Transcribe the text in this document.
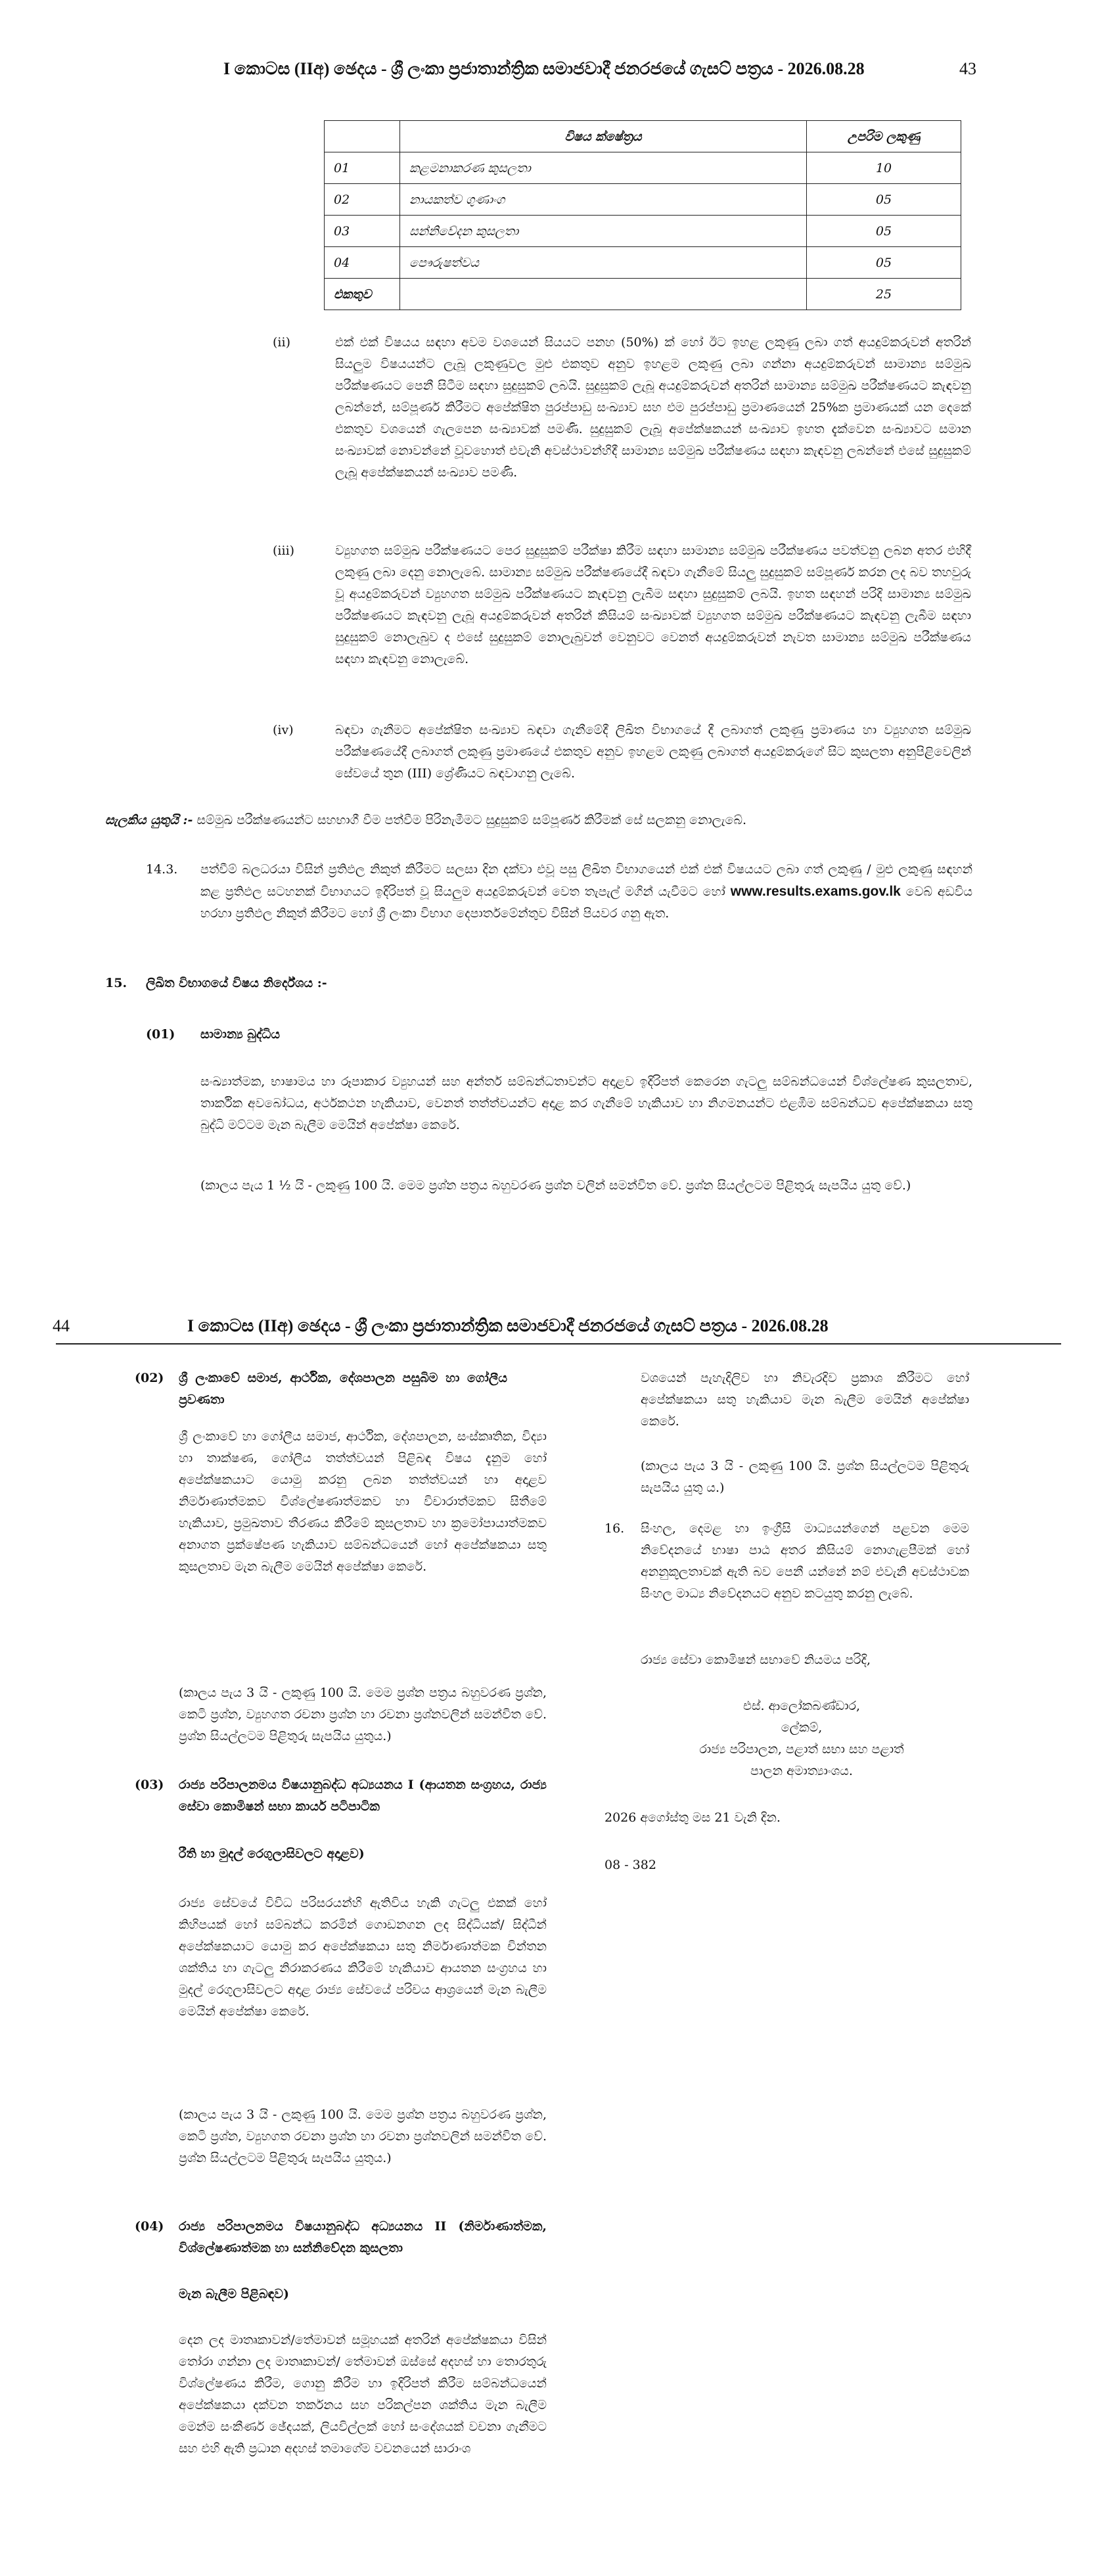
I කොටස (IIඅ) ඡෙදය - ශ්‍රී ලංකා ප්‍රජාතාන්ත්‍රික සමාජවාදී ජනරජයේ ගැසට් පත්‍රය - 2026.08.28	43
	විෂය ක්ෂේත්‍රය	උපරිම ලකුණු
01	කළමනාකරණ කුසලතා	10
02	නායකත්ව ගුණාංග	05
03	සන්නිවේදන කුසලතා	05
04	පෞරුෂත්වය	05
එකතුව		25
(ii)	එක් එක් විෂයය සඳහා අවම වශයෙන් සියයට පනහ (50%) ක් හෝ ඊට ඉහළ ලකුණු ලබා ගත් අයදුම්කරුවන් අතරින් සියලුම විෂයයන්ට ලැබූ ලකුණුවල මුළු එකතුව අනුව ඉහළම ලකුණු ලබා ගන්නා අයදුම්කරුවන් සාමාන්‍ය සම්මුඛ පරීක්ෂණයට පෙනී සිටීම සඳහා සුදුසුකම් ලබයි. සුදුසුකම් ලැබූ අයදුම්කරුවන් අතරින් සාමාන්‍ය සම්මුඛ පරීක්ෂණයට කැඳවනු ලබන්නේ, සම්පූර්ණ කිරීමට අපේක්ෂිත පුරප්පාඩු සංඛ්‍යාව සහ එම පුරප්පාඩු ප්‍රමාණයෙන් 25%ක ප්‍රමාණයක් යන දෙකේ එකතුව වශයෙන් ගැලපෙන සංඛ්‍යාවක් පමණි. සුදුසුකම් ලැබූ අපේක්ෂකයන් සංඛ්‍යාව ඉහත දැක්වෙන සංඛ්‍යාවට සමාන සංඛ්‍යාවක් නොවන්නේ වූවහොත් එවැනි අවස්ථාවන්හිදී සාමාන්‍ය සම්මුඛ පරීක්ෂණය සඳහා කැඳවනු ලබන්නේ එසේ සුදුසුකම් ලැබූ අපේක්ෂකයන් සංඛ්‍යාව පමණි.
(iii)	ව්‍යුහගත සම්මුඛ පරීක්ෂණයට පෙර සුදුසුකම් පරීක්ෂා කිරීම සඳහා සාමාන්‍ය සම්මුඛ පරීක්ෂණය පවත්වනු ලබන අතර එහිදී ලකුණු ලබා දෙනු නොලැබේ. සාමාන්‍ය සම්මුඛ පරීක්ෂණයේදී බඳවා ගැනීමේ සියලු සුදුසුකම් සම්පූර්ණ කරන ලද බව තහවුරු වූ අයදුම්කරුවන් ව්‍යුහගත සම්මුඛ පරීක්ෂණයට කැඳවනු ලැබීම සඳහා සුදුසුකම් ලබයි. ඉහත සඳහන් පරිදි සාමාන්‍ය සම්මුඛ පරීක්ෂණයට කැඳවනු ලැබූ අයදුම්කරුවන් අතරින් කිසියම් සංඛ්‍යාවක් ව්‍යුහගත සම්මුඛ පරීක්ෂණයට කැඳවනු ලැබීම සඳහා සුදුසුකම් නොලැබුව ද එසේ සුදුසුකම් නොලැබුවන් වෙනුවට වෙනත් අයදුම්කරුවන් නැවත සාමාන්‍ය සම්මුඛ පරීක්ෂණය සඳහා කැඳවනු නොලැබේ.
(iv)	බඳවා ගැනීමට අපේක්ෂිත සංඛ්‍යාව බඳවා ගැනීමේදී ලිඛිත විභාගයේ දී ලබාගත් ලකුණු ප්‍රමාණය හා ව්‍යුහගත සම්මුඛ පරීක්ෂණයේදී ලබාගත් ලකුණු ප්‍රමාණයේ එකතුව අනුව ඉහළම ලකුණු ලබාගත් අයදුම්කරුගේ සිට කුසලතා අනුපිළිවෙලින් සේවයේ තුන (III) ශ්‍රේණියට බඳවාගනු ලැබේ.
සැලකිය යුතුයි :- සම්මුඛ පරීක්ෂණයන්ට සහභාගී වීම පත්වීම පිරිනැමීමට සුදුසුකම් සම්පූර්ණ කිරීමක් සේ සලකනු නොලැබේ.
14.3. පත්වීම් බලධරයා විසින් ප්‍රතිඵල නිකුත් කිරීමට සලසා දින දක්වා එවූ පසු ලිඛිත විභාගයෙන් එක් එක් විෂයයට ලබා ගත් ලකුණු / මුළු ලකුණු සඳහන් කළ ප්‍රතිඵල සටහනක් විභාගයට ඉදිරිපත් වූ සියලුම අයදුම්කරුවන් වෙත තැපැල් මගින් යැවීමට හෝ www.results.exams.gov.lk වෙබ් අඩවිය හරහා ප්‍රතිඵල නිකුත් කිරීමට හෝ ශ්‍රී ලංකා විභාග දෙපාර්තමේන්තුව විසින් පියවර ගනු ඇත.
15. ලිඛිත විභාගයේ විෂය නිර්දේශය :-
(01) සාමාන්‍ය බුද්ධිය
සංඛ්‍යාත්මක, භාෂාමය හා රූපාකාර ව්‍යුහයන් සහ අන්තර් සම්බන්ධතාවන්ට අදාළව ඉදිරිපත් කෙරෙන ගැටලු සම්බන්ධයෙන් විශ්ලේෂණ කුසලතාව, තාර්කික අවබෝධය, අර්ථකථන හැකියාව, වෙනත් තත්ත්වයන්ට අදාළ කර ගැනීමේ හැකියාව හා නිගමනයන්ට එළඹීම සම්බන්ධව අපේක්ෂකයා සතු බුද්ධි මට්ටම මැන බැලීම මෙයින් අපේක්ෂා කෙරේ.
(කාලය පැය 1 ½ යි - ලකුණු 100 යි. මෙම ප්‍රශ්න පත්‍රය බහුවරණ ප්‍රශ්න වලින් සමන්විත වේ. ප්‍රශ්න සියල්ලටම පිළිතුරු සැපයිය යුතු වේ.)
44	I කොටස (IIඅ) ඡෙදය - ශ්‍රී ලංකා ප්‍රජාතාන්ත්‍රික සමාජවාදී ජනරජයේ ගැසට් පත්‍රය - 2026.08.28
(02) ශ්‍රී ලංකාවේ සමාජ, ආර්ථික, දේශපාලන පසුබිම හා ගෝලීය ප්‍රවණතා
ශ්‍රී ලංකාවේ හා ගෝලීය සමාජ, ආර්ථික, දේශපාලන, සංස්කෘතික, විද්‍යා හා තාක්ෂණ, ගෝලීය තත්ත්වයන් පිළිබඳ විෂය දැනුම හෝ අපේක්ෂකයාට යොමු කරනු ලබන තත්ත්වයන් හා අදාළව නිර්මාණාත්මකව විශ්ලේෂණාත්මකව හා විචාරාත්මකව සිතීමේ හැකියාව, ප්‍රමුඛතාව තීරණය කිරීමේ කුසලතාව හා ක්‍රමෝපායාත්මකව අනාගත ප්‍රක්ෂේපණ හැකියාව සම්බන්ධයෙන් හෝ අපේක්ෂකයා සතු කුසලතාව මැන බැලීම මෙයින් අපේක්ෂා කෙරේ.
(කාලය පැය 3 යි - ලකුණු 100 යි. මෙම ප්‍රශ්න පත්‍රය බහුවරණ ප්‍රශ්න, කෙටි ප්‍රශ්න, ව්‍යුහගත රචනා ප්‍රශ්න හා රචනා ප්‍රශ්නවලින් සමන්විත වේ. ප්‍රශ්න සියල්ලටම පිළිතුරු සැපයිය යුතුය.)
(03) රාජ්‍ය පරිපාලනමය විෂයානුබද්ධ අධ්‍යයනය I (ආයතන සංග්‍රහය, රාජ්‍ය සේවා කොමිෂන් සභා කාර්ය පටිපාටික
රීති හා මුදල් රෙගුලාසිවලට අදාළව)
රාජ්‍ය සේවයේ විවිධ පරිසරයන්හි ඇතිවිය හැකි ගැටලු එකක් හෝ කිහිපයක් හෝ සම්බන්ධ කරමින් ගොඩනගන ලද සිද්ධියක්/ සිද්ධීන් අපේක්ෂකයාට යොමු කර අපේක්ෂකයා සතු නිර්මාණාත්මක චින්තන ශක්තිය හා ගැටලු නිරාකරණය කිරීමේ හැකියාව ආයතන සංග්‍රහය හා මුදල් රෙගුලාසිවලට අදාළ රාජ්‍ය සේවයේ පරිචය ආශ්‍රයෙන් මැන බැලීම මෙයින් අපේක්ෂා කෙරේ.
(කාලය පැය 3 යි - ලකුණු 100 යි. මෙම ප්‍රශ්න පත්‍රය බහුවරණ ප්‍රශ්න, කෙටි ප්‍රශ්න, ව්‍යුහගත රචනා ප්‍රශ්න හා රචනා ප්‍රශ්නවලින් සමන්විත වේ. ප්‍රශ්න සියල්ලටම පිළිතුරු සැපයිය යුතුය.)
(04) රාජ්‍ය පරිපාලනමය විෂයානුබද්ධ අධ්‍යයනය II (නිර්මාණාත්මක, විශ්ලේෂණාත්මක හා සන්නිවේදන කුසලතා
මැන බැලීම පිළිබඳව)
දෙන ලද මාතෘකාවන්/තේමාවන් සමූහයක් අතරින් අපේක්ෂකයා විසින් තෝරා ගන්නා ලද මාතෘකාවන්/ තේමාවන් ඔස්සේ අදහස් හා තොරතුරු විශ්ලේෂණය කිරීම, ගොනු කිරීම හා ඉදිරිපත් කිරීම සම්බන්ධයෙන් අපේක්ෂකයා දක්වන තර්කනය සහ පරිකල්පන ශක්තිය මැන බැලීම මෙන්ම සංකීර්ණ ඡේදයක්, ලියවිල්ලක් හෝ සංදේශයක් වචනා ගැනීමට සහ එහි ඇති ප්‍රධාන අදහස් තමාගේම වචනයෙන් සාරාංශ
වශයෙන් පැහැදිලිව හා නිවැරදිව ප්‍රකාශ කිරීමට හෝ අපේක්ෂකයා සතු හැකියාව මැන බැලීම මෙයින් අපේක්ෂා කෙරේ.
(කාලය පැය 3 යි - ලකුණු 100 යි. ප්‍රශ්න සියල්ලටම පිළිතුරු සැපයිය යුතු ය.)
16. සිංහල, දෙමළ හා ඉංග්‍රීසි මාධ්‍යයන්ගෙන් පළවන මෙම නිවේදනයේ භාෂා පාඨ අතර කිසියම් නොගැළපීමක් හෝ අනනුකූලතාවක් ඇති බව පෙනී යන්නේ නම් එවැනි අවස්ථාවක සිංහල මාධ්‍ය නිවේදනයට අනුව කටයුතු කරනු ලැබේ.
රාජ්‍ය සේවා කොමිෂන් සභාවේ නියමය පරිදි,
එස්. ආලෝකබණ්ඩාර,
ලේකම්,
රාජ්‍ය පරිපාලන, පළාත් සභා සහ පළාත්
පාලන අමාත්‍යාංශය.
2026 අගෝස්තු මස 21 වැනි දින.
08 - 382
